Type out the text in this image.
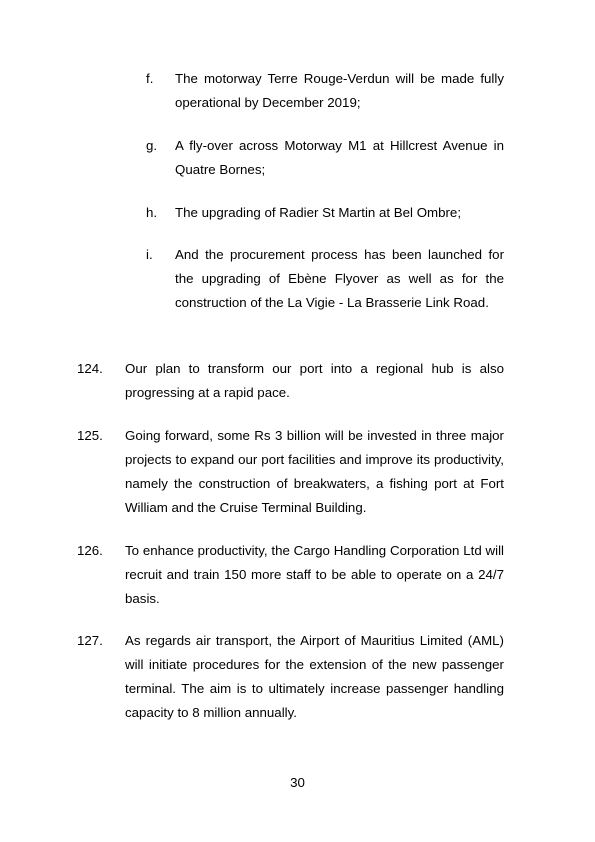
f.	The motorway Terre Rouge-Verdun will be made fully operational by December 2019;
g.	A fly-over across Motorway M1 at Hillcrest Avenue in Quatre Bornes;
h.	The upgrading of Radier St Martin at Bel Ombre;
i.	And the procurement process has been launched for the upgrading of Ebène Flyover as well as for the construction of the La Vigie - La Brasserie Link Road.
124.	Our plan to transform our port into a regional hub is also progressing at a rapid pace.
125.	Going forward, some Rs 3 billion will be invested in three major projects to expand our port facilities and improve its productivity, namely the construction of breakwaters, a fishing port at Fort William and the Cruise Terminal Building.
126.	To enhance productivity, the Cargo Handling Corporation Ltd will recruit and train 150 more staff to be able to operate on a 24/7 basis.
127.	As regards air transport, the Airport of Mauritius Limited (AML) will initiate procedures for the extension of the new passenger terminal. The aim is to ultimately increase passenger handling capacity to 8 million annually.
30
